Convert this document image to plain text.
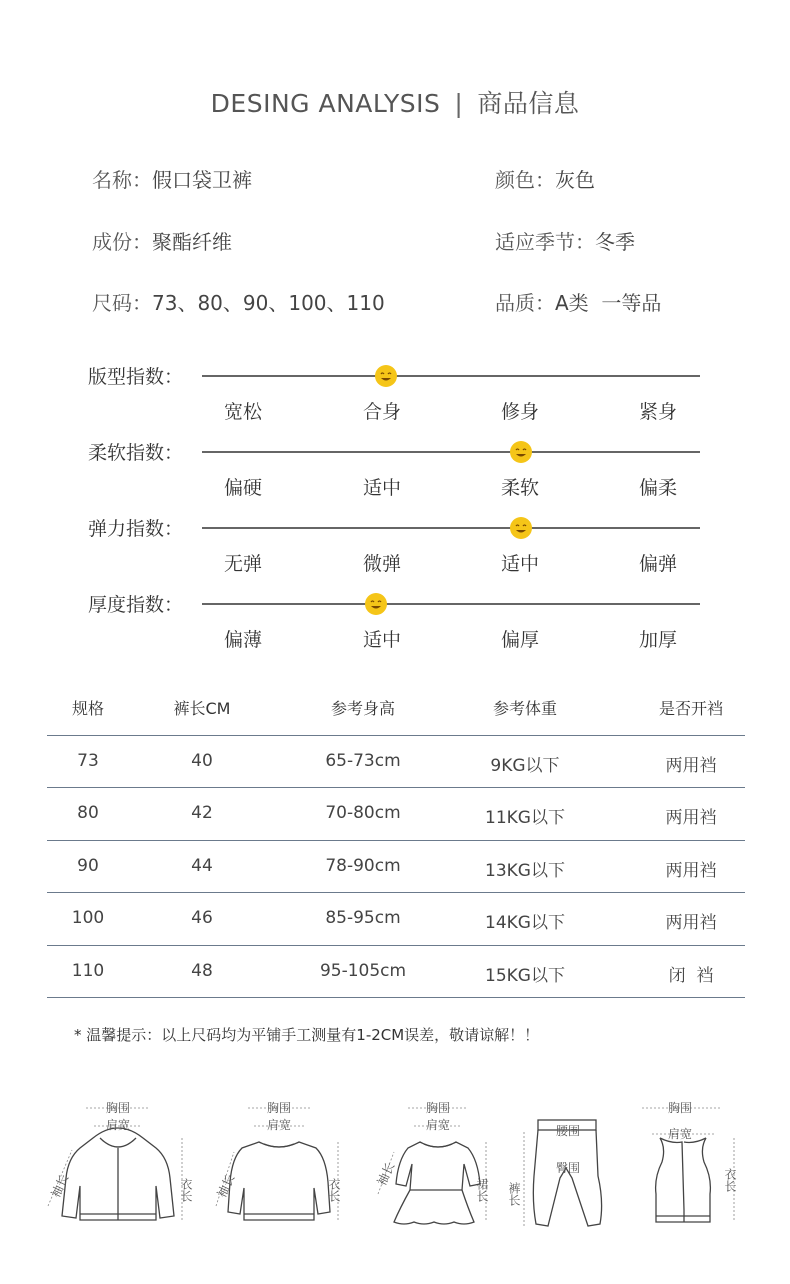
DESING ANALYSIS | 商品信息
名称：假口袋卫裤	颜色：灰色
成份：聚酯纤维	适应季节：冬季
尺码：73、80、90、100、110	品质：A类  一等品
版型指数：
宽松	合身	修身	紧身
柔软指数：
偏硬	适中	柔软	偏柔
弹力指数：
无弹	微弹	适中	偏弹
厚度指数：
偏薄	适中	偏厚	加厚
规格	裤长CM	参考身高	参考体重	是否开裆
73	40	65-73cm	9KG以下	两用裆
80	42	70-80cm	11KG以下	两用裆
90	44	78-90cm	13KG以下	两用裆
100	46	85-95cm	14KG以下	两用裆
110	48	95-105cm	15KG以下	闭  裆
* 温馨提示：以上尺码均为平铺手工测量有1-2CM误差，敬请谅解！！
胸围
肩宽
袖长	衣长
胸围
肩宽
袖长	衣长
胸围
肩宽
袖长
裙长
腰围
臀围
裤长
胸围
肩宽
衣长
